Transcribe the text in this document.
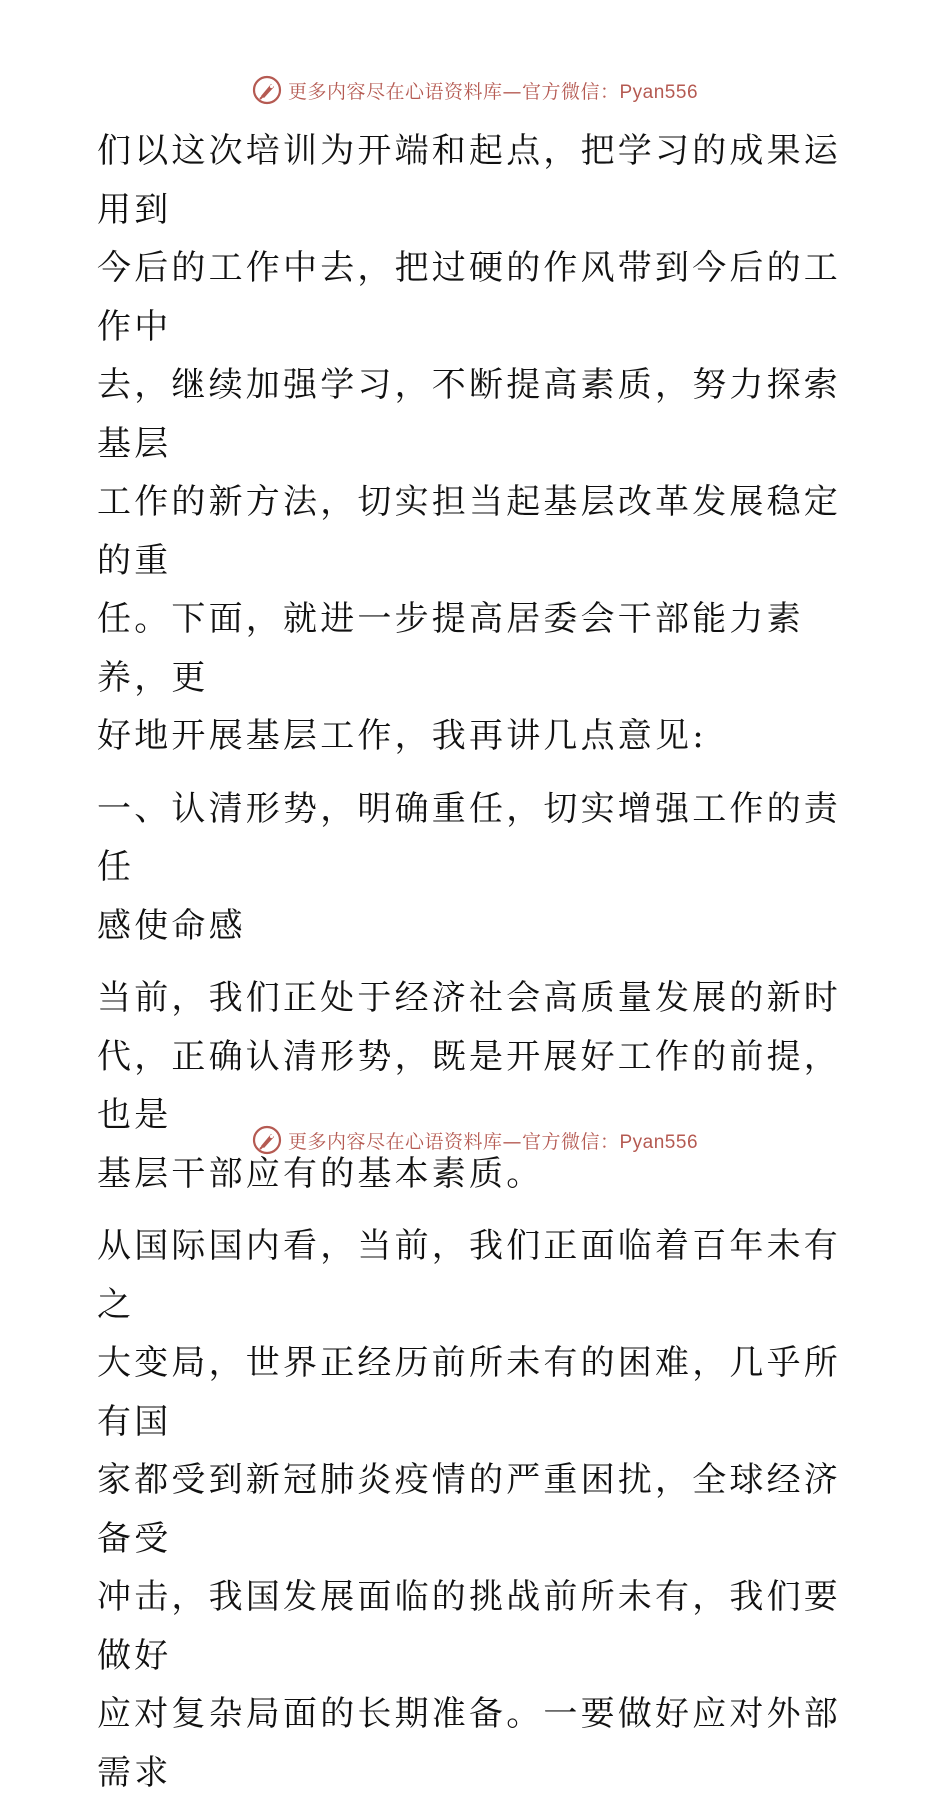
更多内容尽在心语资料库—官方微信：Pyan556

们以这次培训为开端和起点，把学习的成果运用到
今后的工作中去，把过硬的作风带到今后的工作中
去，继续加强学习，不断提高素质，努力探索基层
工作的新方法，切实担当起基层改革发展稳定的重
任。下面，就进一步提高居委会干部能力素养，更
好地开展基层工作，我再讲几点意见:

一、认清形势，明确重任，切实增强工作的责任
感使命感

当前，我们正处于经济社会高质量发展的新时
代，正确认清形势，既是开展好工作的前提，也是
基层干部应有的基本素质。

从国际国内看，当前，我们正面临着百年未有之
大变局，世界正经历前所未有的困难，几乎所有国
家都受到新冠肺炎疫情的严重困扰，全球经济备受
冲击，我国发展面临的挑战前所未有，我们要做好
应对复杂局面的长期准备。一要做好应对外部需求

更多内容尽在心语资料库—官方微信：Pyan556
